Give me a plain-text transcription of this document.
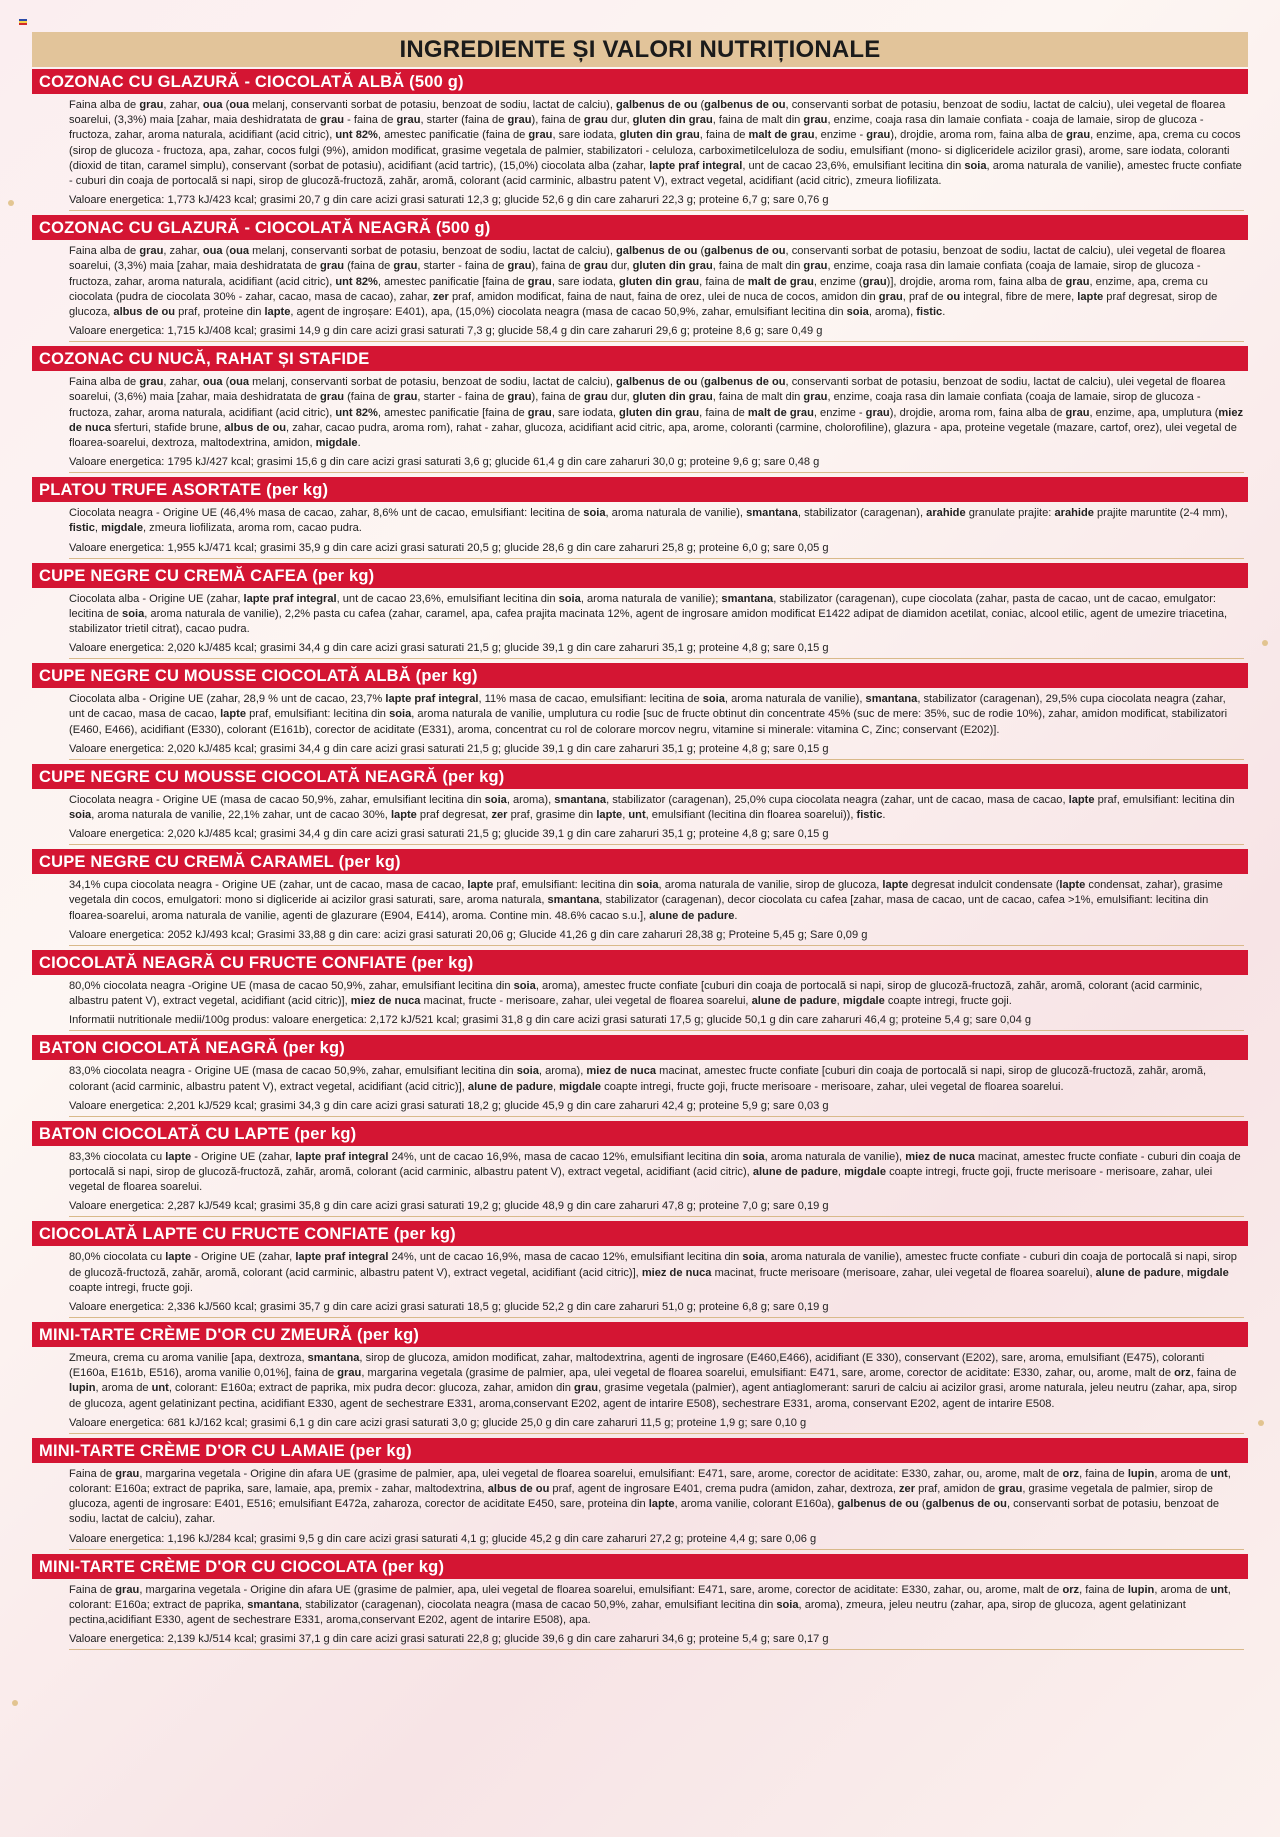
INGREDIENTE ȘI VALORI NUTRIȚIONALE
COZONAC CU GLAZURĂ - CIOCOLATĂ ALBĂ (500 g)

Faina alba de grau, zahar, oua (oua melanj, conservanti sorbat de potasiu, benzoat de sodiu, lactat de calciu), galbenus de ou (galbenus de ou, conservanti sorbat de potasiu, benzoat de sodiu, lactat de calciu), ulei vegetal de floarea soarelui, (3,3%) maia [zahar, maia deshidratata de grau - faina de grau, starter (faina de grau), faina de grau dur, gluten din grau, faina de malt din grau, enzime, coaja rasa din lamaie confiata - coaja de lamaie, sirop de glucoza - fructoza, zahar, aroma naturala, acidifiant (acid citric), unt 82%, amestec panificatie (faina de grau, sare iodata, gluten din grau, faina de malt de grau, enzime - grau), drojdie, aroma rom, faina alba de grau, enzime, apa, crema cu cocos (sirop de glucoza - fructoza, apa, zahar, cocos fulgi (9%), amidon modificat, grasime vegetala de palmier, stabilizatori - celuloza, carboximetilceluloza de sodiu, emulsifiant (mono- si digliceridele acizilor grasi), arome, sare iodata, coloranti (dioxid de titan, caramel simplu), conservant (sorbat de potasiu), acidifiant (acid tartric), (15,0%) ciocolata alba (zahar, lapte praf integral, unt de cacao 23,6%, emulsifiant lecitina din soia, aroma naturala de vanilie), amestec fructe confiate - cuburi din coaja de portocală si napi, sirop de glucoză-fructoză, zahăr, aromă, colorant (acid carminic, albastru patent V), extract vegetal, acidifiant (acid citric), zmeura liofilizata.

Valoare energetica: 1,773 kJ/423 kcal; grasimi 20,7 g din care acizi grasi saturati 12,3 g; glucide 52,6 g din care zaharuri 22,3 g; proteine 6,7 g; sare 0,76 g
COZONAC CU GLAZURĂ - CIOCOLATĂ NEAGRĂ (500 g)

Faina alba de grau, zahar, oua (oua melanj, conservanti sorbat de potasiu, benzoat de sodiu, lactat de calciu), galbenus de ou (galbenus de ou, conservanti sorbat de potasiu, benzoat de sodiu, lactat de calciu), ulei vegetal de floarea soarelui, (3,3%) maia [zahar, maia deshidratata de grau (faina de grau, starter - faina de grau), faina de grau dur, gluten din grau, faina de malt din grau, enzime, coaja rasa din lamaie confiata (coaja de lamaie, sirop de glucoza - fructoza, zahar, aroma naturala, acidifiant (acid citric), unt 82%, amestec panificatie [faina de grau, sare iodata, gluten din grau, faina de malt de grau, enzime (grau)], drojdie, aroma rom, faina alba de grau, enzime, apa, crema cu ciocolata (pudra de ciocolata 30% - zahar, cacao, masa de cacao), zahar, zer praf, amidon modificat, faina de naut, faina de orez, ulei de nuca de cocos, amidon din grau, praf de ou integral, fibre de mere, lapte praf degresat, sirop de glucoza, albus de ou praf, proteine din lapte, agent de ingroșare: E401), apa, (15,0%) ciocolata neagra (masa de cacao 50,9%, zahar, emulsifiant lecitina din soia, aroma), fistic.

Valoare energetica: 1,715 kJ/408 kcal; grasimi 14,9 g din care acizi grasi saturati 7,3 g; glucide 58,4 g din care zaharuri 29,6 g; proteine 8,6 g; sare 0,49 g
COZONAC CU NUCĂ, RAHAT ȘI STAFIDE

Faina alba de grau, zahar, oua (oua melanj, conservanti sorbat de potasiu, benzoat de sodiu, lactat de calciu), galbenus de ou (galbenus de ou, conservanti sorbat de potasiu, benzoat de sodiu, lactat de calciu), ulei vegetal de floarea soarelui, (3,6%) maia [zahar, maia deshidratata de grau (faina de grau, starter - faina de grau), faina de grau dur, gluten din grau, faina de malt din grau, enzime, coaja rasa din lamaie confiata (coaja de lamaie, sirop de glucoza - fructoza, zahar, aroma naturala, acidifiant (acid citric), unt 82%, amestec panificatie [faina de grau, sare iodata, gluten din grau, faina de malt de grau, enzime - grau), drojdie, aroma rom, faina alba de grau, enzime, apa, umplutura (miez de nuca sferturi, stafide brune, albus de ou, zahar, cacao pudra, aroma rom), rahat - zahar, glucoza, acidifiant acid citric, apa, arome, coloranti (carmine, cholorofiline), glazura - apa, proteine vegetale (mazare, cartof, orez), ulei vegetal de floarea-soarelui, dextroza, maltodextrina, amidon, migdale.

Valoare energetica: 1795 kJ/427 kcal; grasimi 15,6 g din care acizi grasi saturati 3,6 g; glucide 61,4 g din care zaharuri 30,0 g; proteine 9,6 g; sare 0,48 g
PLATOU TRUFE ASORTATE (per kg)

Ciocolata neagra - Origine UE (46,4% masa de cacao, zahar, 8,6% unt de cacao, emulsifiant: lecitina de soia, aroma naturala de vanilie), smantana, stabilizator (caragenan), arahide granulate prajite: arahide prajite maruntite (2-4 mm), fistic, migdale, zmeura liofilizata, aroma rom, cacao pudra.

Valoare energetica: 1,955 kJ/471 kcal; grasimi 35,9 g din care acizi grasi saturati 20,5 g; glucide 28,6 g din care zaharuri 25,8 g; proteine 6,0 g; sare 0,05 g
CUPE NEGRE CU CREMĂ CAFEA (per kg)

Ciocolata alba - Origine UE (zahar, lapte praf integral, unt de cacao 23,6%, emulsifiant lecitina din soia, aroma naturala de vanilie); smantana, stabilizator (caragenan), cupe ciocolata (zahar, pasta de cacao, unt de cacao, emulgator: lecitina de soia, aroma naturala de vanilie), 2,2% pasta cu cafea (zahar, caramel, apa, cafea prajita macinata 12%, agent de ingrosare amidon modificat E1422 adipat de diamidon acetilat, coniac, alcool etilic, agent de umezire triacetina, stabilizator trietil citrat), cacao pudra.

Valoare energetica: 2,020 kJ/485 kcal; grasimi 34,4 g din care acizi grasi saturati 21,5 g; glucide 39,1 g din care zaharuri 35,1 g; proteine 4,8 g; sare 0,15 g
CUPE NEGRE CU MOUSSE CIOCOLATĂ ALBĂ (per kg)

Ciocolata alba - Origine UE (zahar, 28,9 % unt de cacao, 23,7% lapte praf integral, 11% masa de cacao, emulsifiant: lecitina de soia, aroma naturala de vanilie), smantana, stabilizator (caragenan), 29,5% cupa ciocolata neagra (zahar, unt de cacao, masa de cacao, lapte praf, emulsifiant: lecitina din soia, aroma naturala de vanilie, umplutura cu rodie [suc de fructe obtinut din concentrate 45% (suc de mere: 35%, suc de rodie 10%), zahar, amidon modificat, stabilizatori (E460, E466), acidifiant (E330), colorant (E161b), corector de aciditate (E331), aroma, concentrat cu rol de colorare morcov negru, vitamine si minerale: vitamina C, Zinc; conservant (E202)].

Valoare energetica: 2,020 kJ/485 kcal; grasimi 34,4 g din care acizi grasi saturati 21,5 g; glucide 39,1 g din care zaharuri 35,1 g; proteine 4,8 g; sare 0,15 g
CUPE NEGRE CU MOUSSE CIOCOLATĂ NEAGRĂ (per kg)

Ciocolata neagra - Origine UE (masa de cacao 50,9%, zahar, emulsifiant lecitina din soia, aroma), smantana, stabilizator (caragenan), 25,0% cupa ciocolata neagra (zahar, unt de cacao, masa de cacao, lapte praf, emulsifiant: lecitina din soia, aroma naturala de vanilie, 22,1% zahar, unt de cacao 30%, lapte praf degresat, zer praf, grasime din lapte, unt, emulsifiant (lecitina din floarea soarelui)), fistic.

Valoare energetica: 2,020 kJ/485 kcal; grasimi 34,4 g din care acizi grasi saturati 21,5 g; glucide 39,1 g din care zaharuri 35,1 g; proteine 4,8 g; sare 0,15 g
CUPE NEGRE CU CREMĂ CARAMEL (per kg)

34,1% cupa ciocolata neagra - Origine UE (zahar, unt de cacao, masa de cacao, lapte praf, emulsifiant: lecitina din soia, aroma naturala de vanilie, sirop de glucoza, lapte degresat indulcit condensate (lapte condensat, zahar), grasime vegetala din cocos, emulgatori: mono si digliceride ai acizilor grasi saturati, sare, aroma naturala, smantana, stabilizator (caragenan), decor ciocolata cu cafea [zahar, masa de cacao, unt de cacao, cafea >1%, emulsifiant: lecitina din floarea-soarelui, aroma naturala de vanilie, agenti de glazurare (E904, E414), aroma. Contine min. 48.6% cacao s.u.], alune de padure.

Valoare energetica: 2052 kJ/493 kcal; Grasimi 33,88 g din care: acizi grasi saturati 20,06 g; Glucide 41,26 g din care zaharuri 28,38 g; Proteine 5,45 g; Sare 0,09 g
CIOCOLATĂ NEAGRĂ CU FRUCTE CONFIATE (per kg)

80,0% ciocolata neagra -Origine UE (masa de cacao 50,9%, zahar, emulsifiant lecitina din soia, aroma), amestec fructe confiate [cuburi din coaja de portocală si napi, sirop de glucoză-fructoză, zahăr, aromă, colorant (acid carminic, albastru patent V), extract vegetal, acidifiant (acid citric)], miez de nuca macinat, fructe - merisoare, zahar, ulei vegetal de floarea soarelui, alune de padure, migdale coapte intregi, fructe goji.

Informatii nutritionale medii/100g produs: valoare energetica: 2,172 kJ/521 kcal; grasimi 31,8 g din care acizi grasi saturati 17,5 g; glucide 50,1 g din care zaharuri 46,4 g; proteine 5,4 g; sare 0,04 g
BATON CIOCOLATĂ NEAGRĂ (per kg)

83,0% ciocolata neagra - Origine UE (masa de cacao 50,9%, zahar, emulsifiant lecitina din soia, aroma), miez de nuca macinat, amestec fructe confiate [cuburi din coaja de portocală si napi, sirop de glucoză-fructoză, zahăr, aromă, colorant (acid carminic, albastru patent V), extract vegetal, acidifiant (acid citric)], alune de padure, migdale coapte intregi, fructe goji, fructe merisoare - merisoare, zahar, ulei vegetal de floarea soarelui.

Valoare energetica: 2,201 kJ/529 kcal; grasimi 34,3 g din care acizi grasi saturati 18,2 g; glucide 45,9 g din care zaharuri 42,4 g; proteine 5,9 g; sare 0,03 g
BATON CIOCOLATĂ CU LAPTE (per kg)

83,3% ciocolata cu lapte - Origine UE (zahar, lapte praf integral 24%, unt de cacao 16,9%, masa de cacao 12%, emulsifiant lecitina din soia, aroma naturala de vanilie), miez de nuca macinat, amestec fructe confiate - cuburi din coaja de portocală si napi, sirop de glucoză-fructoză, zahăr, aromă, colorant (acid carminic, albastru patent V), extract vegetal, acidifiant (acid citric), alune de padure, migdale coapte intregi, fructe goji, fructe merisoare - merisoare, zahar, ulei vegetal de floarea soarelui.

Valoare energetica: 2,287 kJ/549 kcal; grasimi 35,8 g din care acizi grasi saturati 19,2 g; glucide 48,9 g din care zaharuri 47,8 g; proteine 7,0 g; sare 0,19 g
CIOCOLATĂ LAPTE CU FRUCTE CONFIATE (per kg)

80,0% ciocolata cu lapte - Origine UE (zahar, lapte praf integral 24%, unt de cacao 16,9%, masa de cacao 12%, emulsifiant lecitina din soia, aroma naturala de vanilie), amestec fructe confiate - cuburi din coaja de portocală si napi, sirop de glucoză-fructoză, zahăr, aromă, colorant (acid carminic, albastru patent V), extract vegetal, acidifiant (acid citric)], miez de nuca macinat, fructe merisoare (merisoare, zahar, ulei vegetal de floarea soarelui), alune de padure, migdale coapte intregi, fructe goji.

Valoare energetica: 2,336 kJ/560 kcal; grasimi 35,7 g din care acizi grasi saturati 18,5 g; glucide 52,2 g din care zaharuri 51,0 g; proteine 6,8 g; sare 0,19 g
MINI-TARTE CRÈME D'OR CU ZMEURĂ (per kg)

Zmeura, crema cu aroma vanilie [apa, dextroza, smantana, sirop de glucoza, amidon modificat, zahar, maltodextrina, agenti de ingrosare (E460,E466), acidifiant (E 330), conservant (E202), sare, aroma, emulsifiant (E475), coloranti (E160a, E161b, E516), aroma vanilie 0,01%], faina de grau, margarina vegetala (grasime de palmier, apa, ulei vegetal de floarea soarelui, emulsifiant: E471, sare, arome, corector de aciditate: E330, zahar, ou, arome, malt de orz, faina de lupin, aroma de unt, colorant: E160a; extract de paprika, mix pudra decor: glucoza, zahar, amidon din grau, grasime vegetala (palmier), agent antiaglomerant: saruri de calciu ai acizilor grasi, arome naturala, jeleu neutru (zahar, apa, sirop de glucoza, agent gelatinizant pectina, acidifiant E330, agent de sechestrare E331, aroma,conservant E202, agent de intarire E508), sechestrare E331, aroma, conservant E202, agent de intarire E508.

Valoare energetica: 681 kJ/162 kcal; grasimi 6,1 g din care acizi grasi saturati 3,0 g; glucide 25,0 g din care zaharuri 11,5 g; proteine 1,9 g; sare 0,10 g
MINI-TARTE CRÈME D'OR CU LAMAIE (per kg)

Faina de grau, margarina vegetala - Origine din afara UE (grasime de palmier, apa, ulei vegetal de floarea soarelui, emulsifiant: E471, sare, arome, corector de aciditate: E330, zahar, ou, arome, malt de orz, faina de lupin, aroma de unt, colorant: E160a; extract de paprika, sare, lamaie, apa, premix - zahar, maltodextrina, albus de ou praf, agent de ingrosare E401, crema pudra (amidon, zahar, dextroza, zer praf, amidon de grau, grasime vegetala de palmier, sirop de glucoza, agenti de ingrosare: E401, E516; emulsifiant E472a, zaharoza, corector de aciditate E450, sare, proteina din lapte, aroma vanilie, colorant E160a), galbenus de ou (galbenus de ou, conservanti sorbat de potasiu, benzoat de sodiu, lactat de calciu), zahar.

Valoare energetica: 1,196 kJ/284 kcal; grasimi 9,5 g din care acizi grasi saturati 4,1 g; glucide 45,2 g din care zaharuri 27,2 g; proteine 4,4 g; sare 0,06 g
MINI-TARTE CRÈME D'OR CU CIOCOLATA (per kg)

Faina de grau, margarina vegetala - Origine din afara UE (grasime de palmier, apa, ulei vegetal de floarea soarelui, emulsifiant: E471, sare, arome, corector de aciditate: E330, zahar, ou, arome, malt de orz, faina de lupin, aroma de unt, colorant: E160a; extract de paprika, smantana, stabilizator (caragenan), ciocolata neagra (masa de cacao 50,9%, zahar, emulsifiant lecitina din soia, aroma), zmeura, jeleu neutru (zahar, apa, sirop de glucoza, agent gelatinizant pectina,acidifiant E330, agent de sechestrare E331, aroma,conservant E202, agent de intarire E508), apa.

Valoare energetica: 2,139 kJ/514 kcal; grasimi 37,1 g din care acizi grasi saturati 22,8 g; glucide 39,6 g din care zaharuri 34,6 g; proteine 5,4 g; sare 0,17 g
